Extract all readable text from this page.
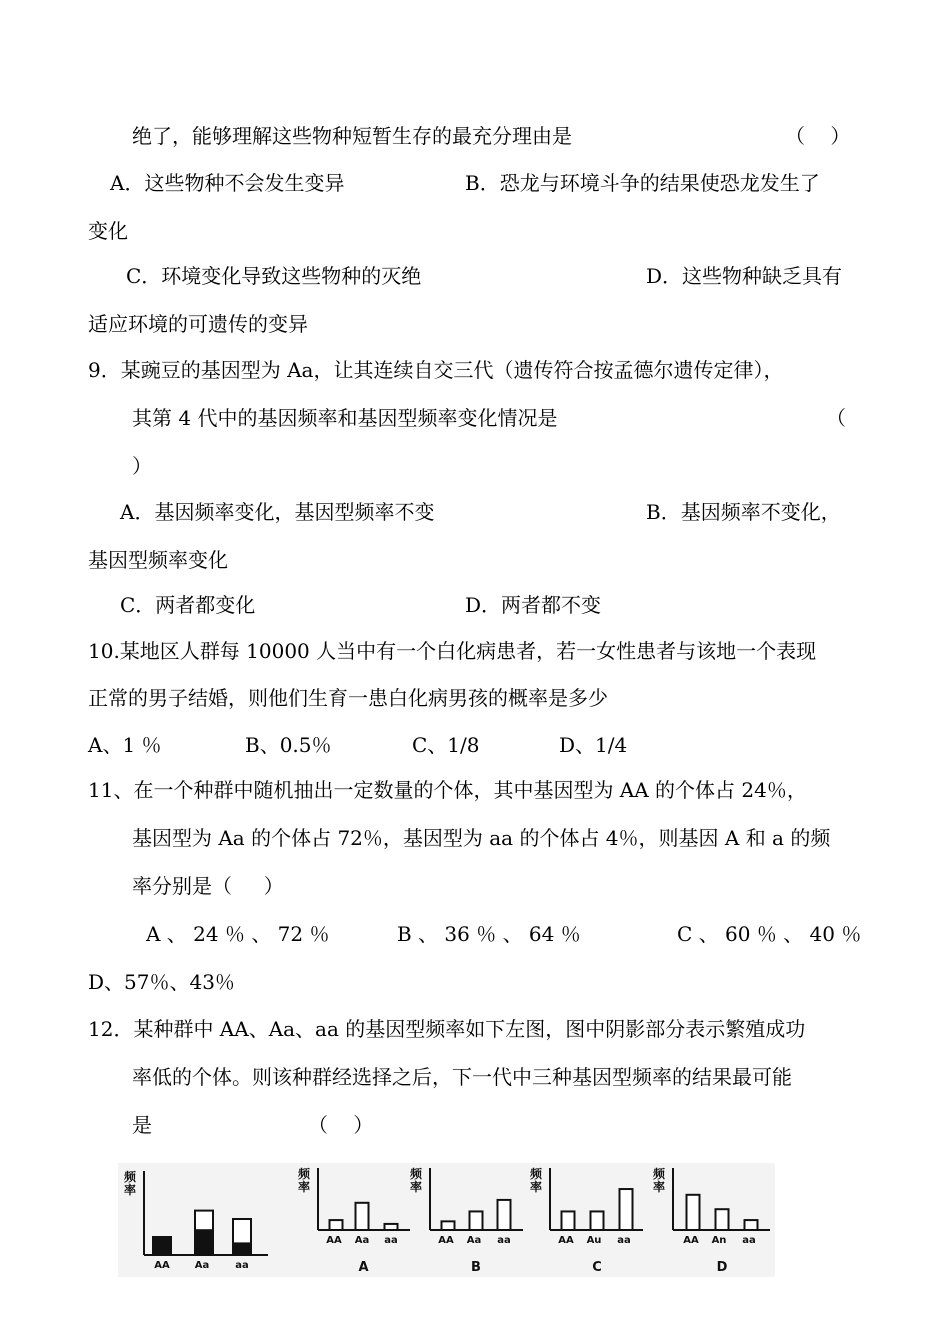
绝了，能够理解这些物种短暂生存的最充分理由是	（    ）
A．这些物种不会发生变异	B．恐龙与环境斗争的结果使恐龙发生了
变化
C．环境变化导致这些物种的灭绝	D．这些物种缺乏具有
适应环境的可遗传的变异
9．某豌豆的基因型为 Aa，让其连续自交三代（遗传符合按孟德尔遗传定律），
其第 4 代中的基因频率和基因型频率变化情况是	（
）
A．基因频率变化，基因型频率不变	B．基因频率不变化，
基因型频率变化
C．两者都变化	D．两者都不变
10.某地区人群每 10000 人当中有一个白化病患者，若一女性患者与该地一个表现
正常的男子结婚，则他们生育一患白化病男孩的概率是多少
A、1 ％	B、0.5％	C、1/8	D、1/4
11、在一个种群中随机抽出一定数量的个体，其中基因型为 AA 的个体占 24％，
基因型为 Aa 的个体占 72％，基因型为 aa 的个体占 4％，则基因 A 和 a 的频
率分别是（     ）
A 、 24 ％ 、 72 ％	B 、 36 ％ 、 64 ％	C 、 60 ％ 、 40 ％
D、57％、43％
12．某种群中 AA、Aa、aa 的基因型频率如下左图，图中阴影部分表示繁殖成功
率低的个体。则该种群经选择之后，下一代中三种基因型频率的结果最可能
是	（    ）
频
率
AA	Aa	aa
频
率
AA Aa aa
A
频
率
AA Aa aa
B
频
率
AA Au aa
C
频
率
AA An aa
D
